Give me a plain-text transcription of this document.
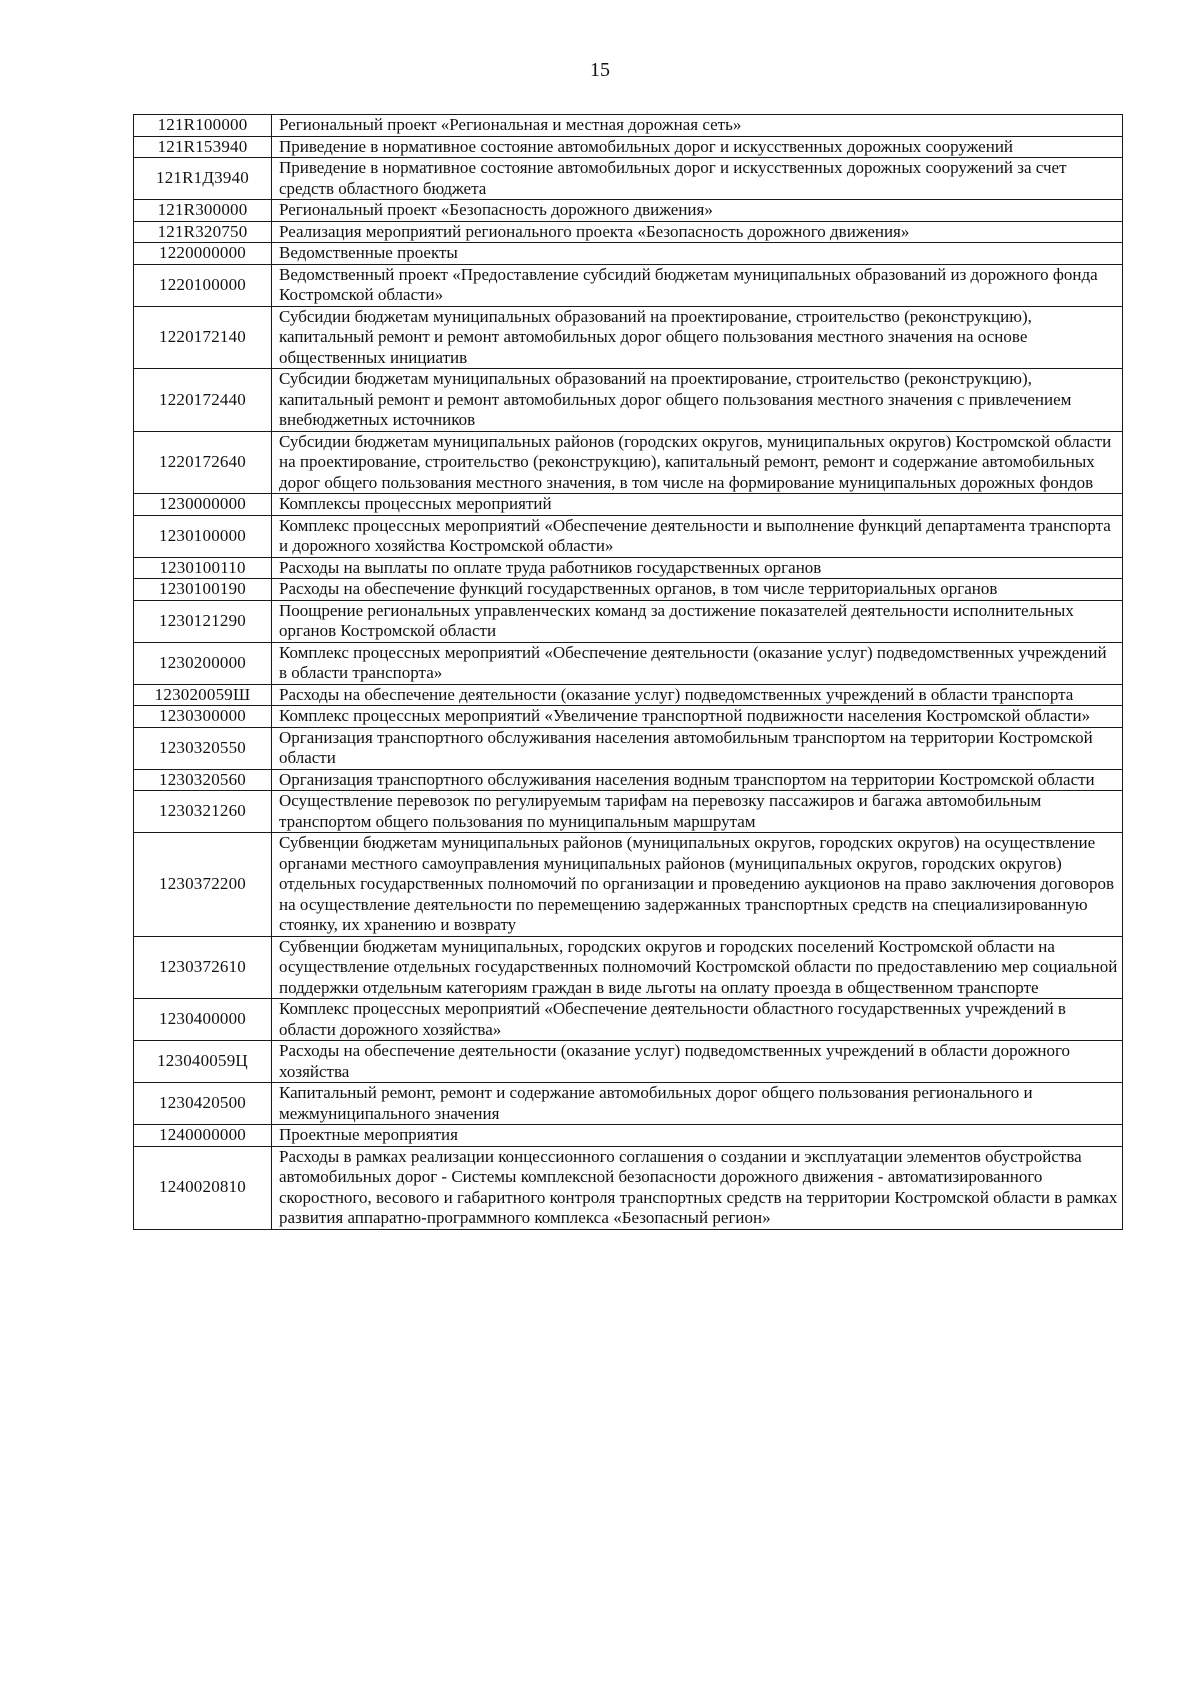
15
121R100000	Региональный проект «Региональная и местная дорожная сеть»
121R153940	Приведение в нормативное состояние автомобильных дорог и искусственных дорожных сооружений
121R1Д3940	Приведение в нормативное состояние автомобильных дорог и искусственных дорожных сооружений за счет средств областного бюджета
121R300000	Региональный проект «Безопасность дорожного движения»
121R320750	Реализация мероприятий регионального проекта «Безопасность дорожного движения»
1220000000	Ведомственные проекты
1220100000	Ведомственный проект «Предоставление субсидий бюджетам муниципальных образований из дорожного фонда Костромской области»
1220172140	Субсидии бюджетам муниципальных образований на проектирование, строительство (реконструкцию), капитальный ремонт и ремонт автомобильных дорог общего пользования местного значения на основе общественных инициатив
1220172440	Субсидии бюджетам муниципальных образований на проектирование, строительство (реконструкцию), капитальный ремонт и ремонт автомобильных дорог общего пользования местного значения с привлечением внебюджетных источников
1220172640	Субсидии бюджетам муниципальных районов (городских округов, муниципальных округов) Костромской области на проектирование, строительство (реконструкцию), капитальный ремонт, ремонт и содержание автомобильных дорог общего пользования местного значения, в том числе на формирование муниципальных дорожных фондов
1230000000	Комплексы процессных мероприятий
1230100000	Комплекс процессных мероприятий «Обеспечение деятельности и выполнение функций департамента транспорта и дорожного хозяйства Костромской области»
1230100110	Расходы на выплаты по оплате труда работников государственных органов
1230100190	Расходы на обеспечение функций государственных органов, в том числе территориальных органов
1230121290	Поощрение региональных управленческих команд за достижение показателей деятельности исполнительных органов Костромской области
1230200000	Комплекс процессных мероприятий «Обеспечение деятельности (оказание услуг) подведомственных учреждений в области транспорта»
123020059Ш	Расходы на обеспечение деятельности (оказание услуг) подведомственных учреждений в области транспорта
1230300000	Комплекс процессных мероприятий «Увеличение транспортной подвижности населения Костромской области»
1230320550	Организация транспортного обслуживания населения автомобильным транспортом на территории Костромской области
1230320560	Организация транспортного обслуживания населения водным транспортом на территории Костромской области
1230321260	Осуществление перевозок по регулируемым тарифам на перевозку пассажиров и багажа автомобильным транспортом общего пользования по муниципальным маршрутам
1230372200	Субвенции бюджетам муниципальных районов (муниципальных округов, городских округов) на осуществление органами местного самоуправления муниципальных районов (муниципальных округов, городских округов) отдельных государственных полномочий по организации и проведению аукционов на право заключения договоров на осуществление деятельности по перемещению задержанных транспортных средств на специализированную стоянку, их хранению и возврату
1230372610	Субвенции бюджетам муниципальных, городских округов и городских поселений Костромской области на осуществление отдельных государственных полномочий Костромской области по предоставлению мер социальной поддержки отдельным категориям граждан в виде льготы на оплату проезда в общественном транспорте
1230400000	Комплекс процессных мероприятий «Обеспечение деятельности областного государственных учреждений в области дорожного хозяйства»
123040059Ц	Расходы на обеспечение деятельности (оказание услуг) подведомственных учреждений в области дорожного хозяйства
1230420500	Капитальный ремонт, ремонт и содержание автомобильных дорог общего пользования регионального и межмуниципального значения
1240000000	Проектные мероприятия
1240020810	Расходы в рамках реализации концессионного соглашения о создании и эксплуатации элементов обустройства автомобильных дорог - Системы комплексной безопасности дорожного движения - автоматизированного скоростного, весового и габаритного контроля транспортных средств на территории Костромской области в рамках развития аппаратно-программного комплекса «Безопасный регион»
